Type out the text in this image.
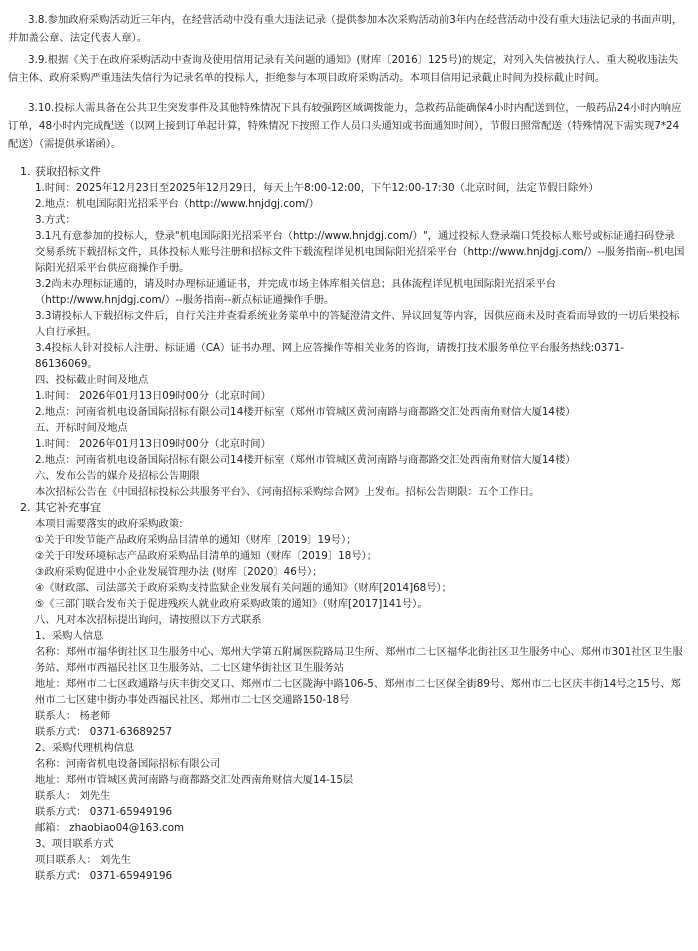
3.8.参加政府采购活动近三年内，在经营活动中没有重大违法记录（提供参加本次采购活动前3年内在经营活动中没有重大违法记录的书面声明，并加盖公章、法定代表人章）。

3.9.根据《关于在政府采购活动中查询及使用信用记录有关问题的通知》(财库〔2016〕125号)的规定，对列入失信被执行人、重大税收违法失信主体、政府采购严重违法失信行为记录名单的投标人，拒绝参与本项目政府采购活动。本项目信用记录截止时间为投标截止时间。

3.10.投标人需具备在公共卫生突发事件及其他特殊情况下具有较强跨区域调拨能力，急救药品能确保4小时内配送到位，一般药品24小时内响应订单，48小时内完成配送（以网上接到订单起计算，特殊情况下按照工作人员口头通知或书面通知时间），节假日照常配送（特殊情况下需实现7*24配送）（需提供承诺函）。

1. 获取招标文件

1.时间：2025年12月23日至2025年12月29日，每天上午8:00-12:00，下午12:00-17:30（北京时间，法定节假日除外）

2.地点：机电国际阳光招采平台（http://www.hnjdgj.com/）

3.方式：

3.1凡有意参加的投标人，登录"机电国际阳光招采平台（http://www.hnjdgj.com/）"，通过投标人登录端口凭投标人账号或标证通扫码登录交易系统下载招标文件，具体投标人账号注册和招标文件下载流程详见机电国际阳光招采平台（http://www.hnjdgj.com/）--服务指南--机电国际阳光招采平台供应商操作手册。

3.2尚未办理标证通的，请及时办理标证通证书，并完成市场主体库相关信息；具体流程详见机电国际阳光招采平台（http://www.hnjdgj.com/）--服务指南--新点标证通操作手册。

3.3请投标人下载招标文件后，自行关注并查看系统业务菜单中的答疑澄清文件、异议回复等内容，因供应商未及时查看而导致的一切后果投标人自行承担。

3.4投标人针对投标人注册、标证通（CA）证书办理、网上应答操作等相关业务的咨询，请拨打技术服务单位平台服务热线:0371-86136069。

四、投标截止时间及地点

1.时间： 2026年01月13日09时00分（北京时间）

2.地点：河南省机电设备国际招标有限公司14楼开标室（郑州市管城区黄河南路与商都路交汇处西南角财信大厦14楼）

五、开标时间及地点

1.时间： 2026年01月13日09时00分（北京时间）

2.地点：河南省机电设备国际招标有限公司14楼开标室（郑州市管城区黄河南路与商都路交汇处西南角财信大厦14楼）

六、发布公告的媒介及招标公告期限

本次招标公告在《中国招标投标公共服务平台》、《河南招标采购综合网》上发布。招标公告期限：五个工作日。

2. 其它补充事宜

本项目需要落实的政府采购政策:

①关于印发节能产品政府采购品目清单的通知（财库〔2019〕19号）；

②关于印发环境标志产品政府采购品目清单的通知（财库〔2019〕18号）；

③政府采购促进中小企业发展管理办法 (财库〔2020〕46号）；

④《财政部、司法部关于政府采购支持监狱企业发展有关问题的通知》（财库[2014]68号）；

⑤《三部门联合发布关于促进残疾人就业政府采购政策的通知》（财库[2017]141号）。

八、凡对本次招标提出询问，请按照以下方式联系

1、采购人信息

名称：郑州市福华街社区卫生服务中心、郑州大学第五附属医院路局卫生所、郑州市二七区福华北街社区卫生服务中心、郑州市301社区卫生服务站、郑州市西福民社区卫生服务站、二七区建华街社区卫生服务站

地址：郑州市二七区政通路与庆丰街交叉口、郑州市二七区陇海中路106-5、郑州市二七区保全街89号、郑州市二七区庆丰街14号之15号、郑州市二七区建中街办事处西福民社区、郑州市二七区交通路150-18号

联系人： 杨老师

联系方式： 0371-63689257

2、采购代理机构信息

名称：河南省机电设备国际招标有限公司

地址：郑州市管城区黄河南路与商都路交汇处西南角财信大厦14-15层

联系人： 刘先生

联系方式： 0371-65949196

邮箱： zhaobiao04@163.com

3、项目联系方式

项目联系人： 刘先生

联系方式： 0371-65949196
